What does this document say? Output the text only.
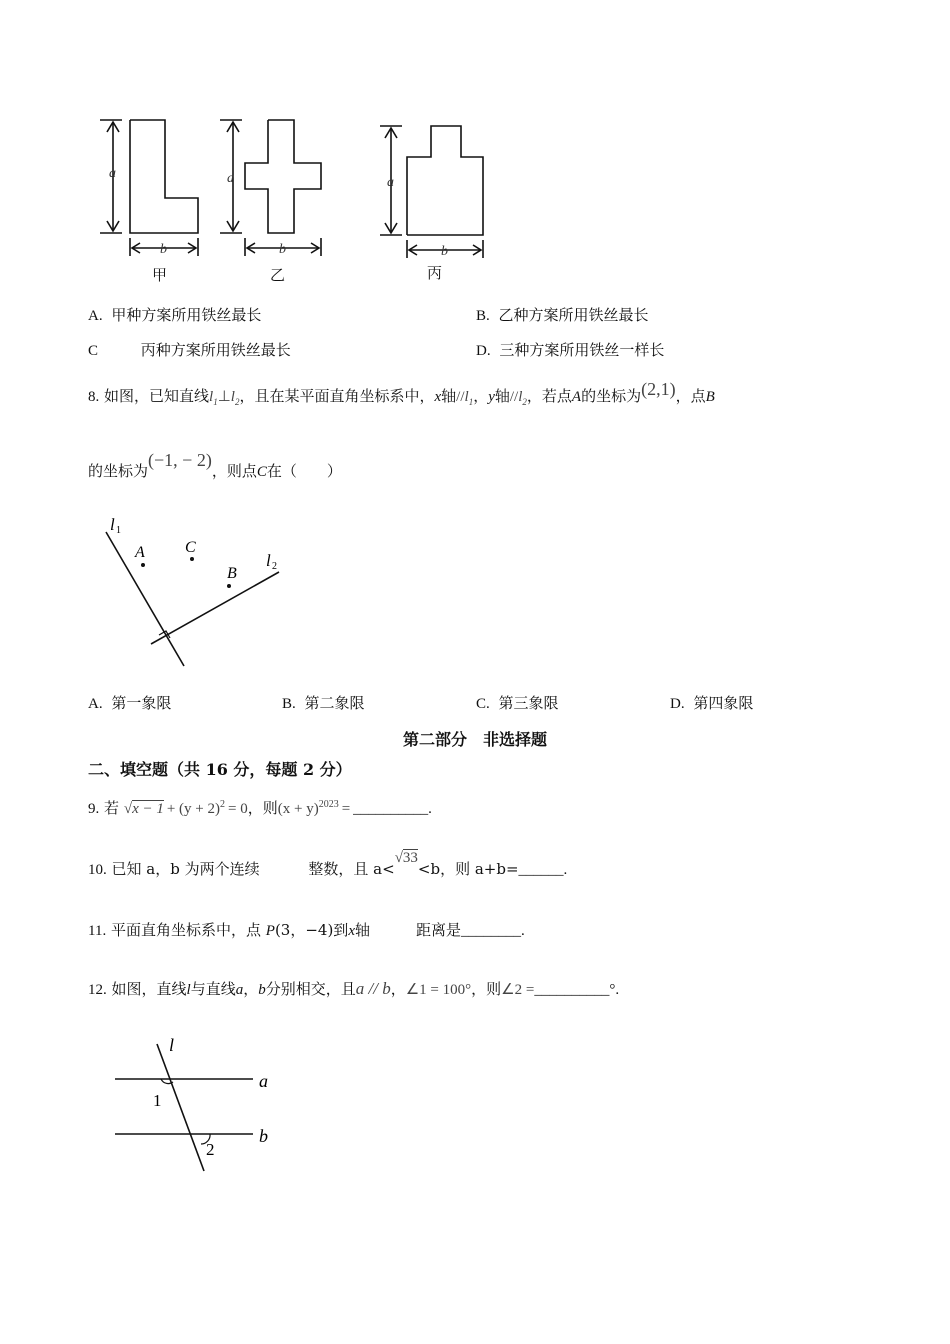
a
b
甲
a
b
乙
a
b
丙
A. 甲种方案所用铁丝最长	B. 乙种方案所用铁丝最长
C	丙种方案所用铁丝最长	D. 三种方案所用铁丝一样长
8. 如图，已知直线$l_1\perp l_2$，且在某平面直角坐标系中，x轴$//l_1$，y轴$//l_2$，若点A的坐标为(2,1)，点B
的坐标为(−1, − 2)，则点C在（　　）
l 1
l 2
A	C
B
A. 第一象限	B. 第二象限	C. 第三象限	D. 第四象限
第二部分　非选择题
二、填空题（共 16 分，每题 2 分）
9. 若 $√x - 1 + (y + 2)^2 = 0$，则$(x + y)^{2023}$ = __________.
10. 已知 a，b 为两个连续	整数，且 a<√33<b，则 a+b=______.
11. 平面直角坐标系中，点 P(3，−4)到x轴	距离是________.
12. 如图，直线l与直线a，b分别相交，且a // b，∠1 = 100°，则∠2 =__________°.
l
a
b
1
2
